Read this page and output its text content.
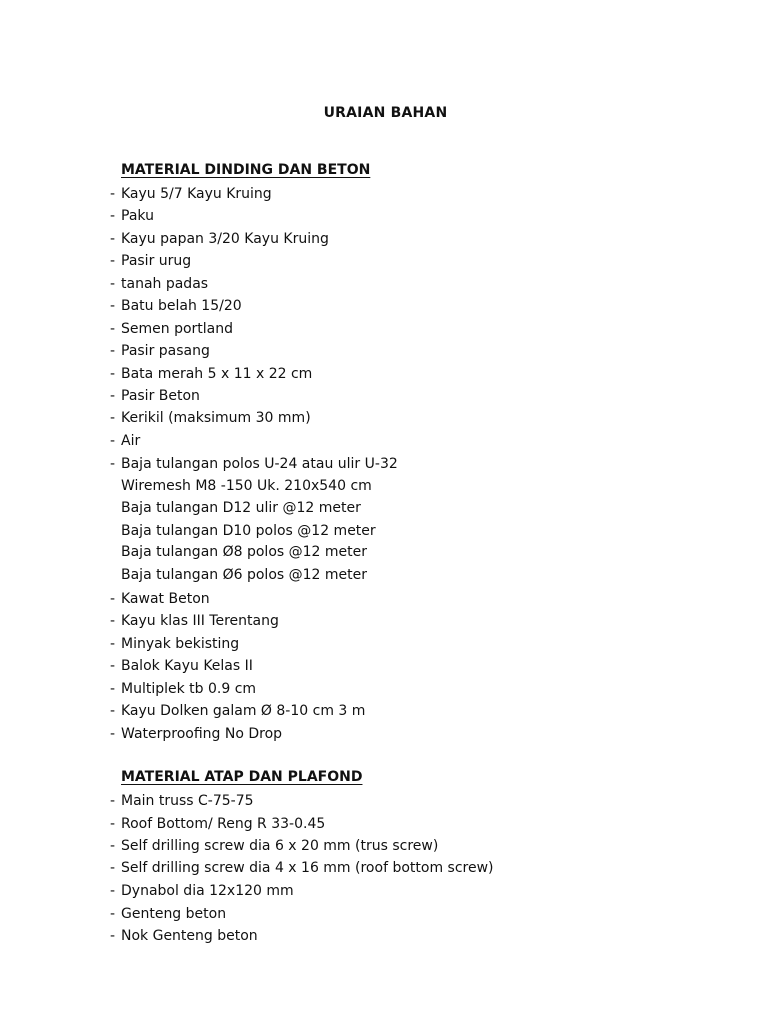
URAIAN BAHAN
MATERIAL DINDING DAN BETON
- Kayu 5/7 Kayu Kruing
- Paku
- Kayu papan 3/20 Kayu Kruing
- Pasir urug
- tanah padas
- Batu belah 15/20
- Semen portland
- Pasir pasang
- Bata merah 5 x 11 x 22 cm
- Pasir Beton
- Kerikil (maksimum 30 mm)
- Air
- Baja tulangan polos U-24 atau ulir U-32
Wiremesh M8 -150 Uk. 210x540 cm
Baja tulangan D12 ulir @12 meter
Baja tulangan D10 polos @12 meter
Baja tulangan Ø8 polos @12 meter
Baja tulangan Ø6 polos @12 meter
- Kawat Beton
- Kayu klas III Terentang
- Minyak bekisting
- Balok Kayu Kelas II
- Multiplek tb 0.9 cm
- Kayu Dolken galam Ø 8-10 cm 3 m
- Waterproofing No Drop
MATERIAL ATAP DAN PLAFOND
- Main truss C-75-75
- Roof Bottom/ Reng R 33-0.45
- Self drilling screw dia 6 x 20 mm (trus screw)
- Self drilling screw dia 4 x 16 mm (roof bottom screw)
- Dynabol dia 12x120 mm
- Genteng beton
- Nok Genteng beton
